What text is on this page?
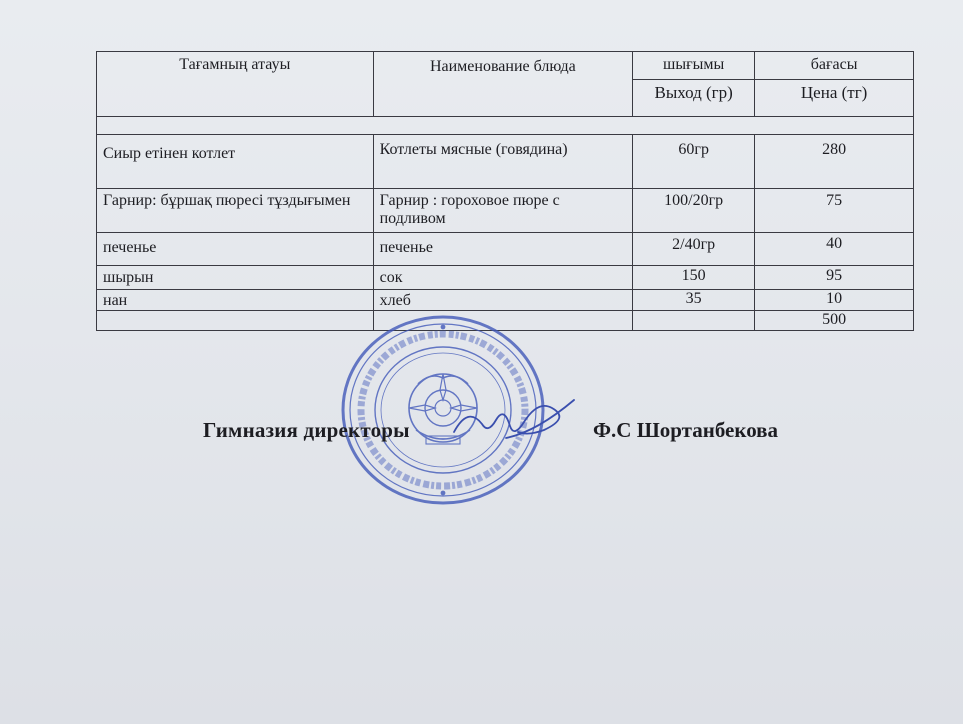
Тағамның атауы	Наименование блюда	шығымы	бағасы
		Выход (гр)	Цена (тг)

Сиыр етінен котлет	Котлеты мясные (говядина)	60гр	280
Гарнир: бұршақ пюресі тұздығымен	Гарнир : гороховое пюре с подливом	100/20гр	75
печенье	печенье	2/40гр	40
шырын	сок	150	95
нан	хлеб	35	10
			500
Гимназия директоры	Ф.С Шортанбекова
